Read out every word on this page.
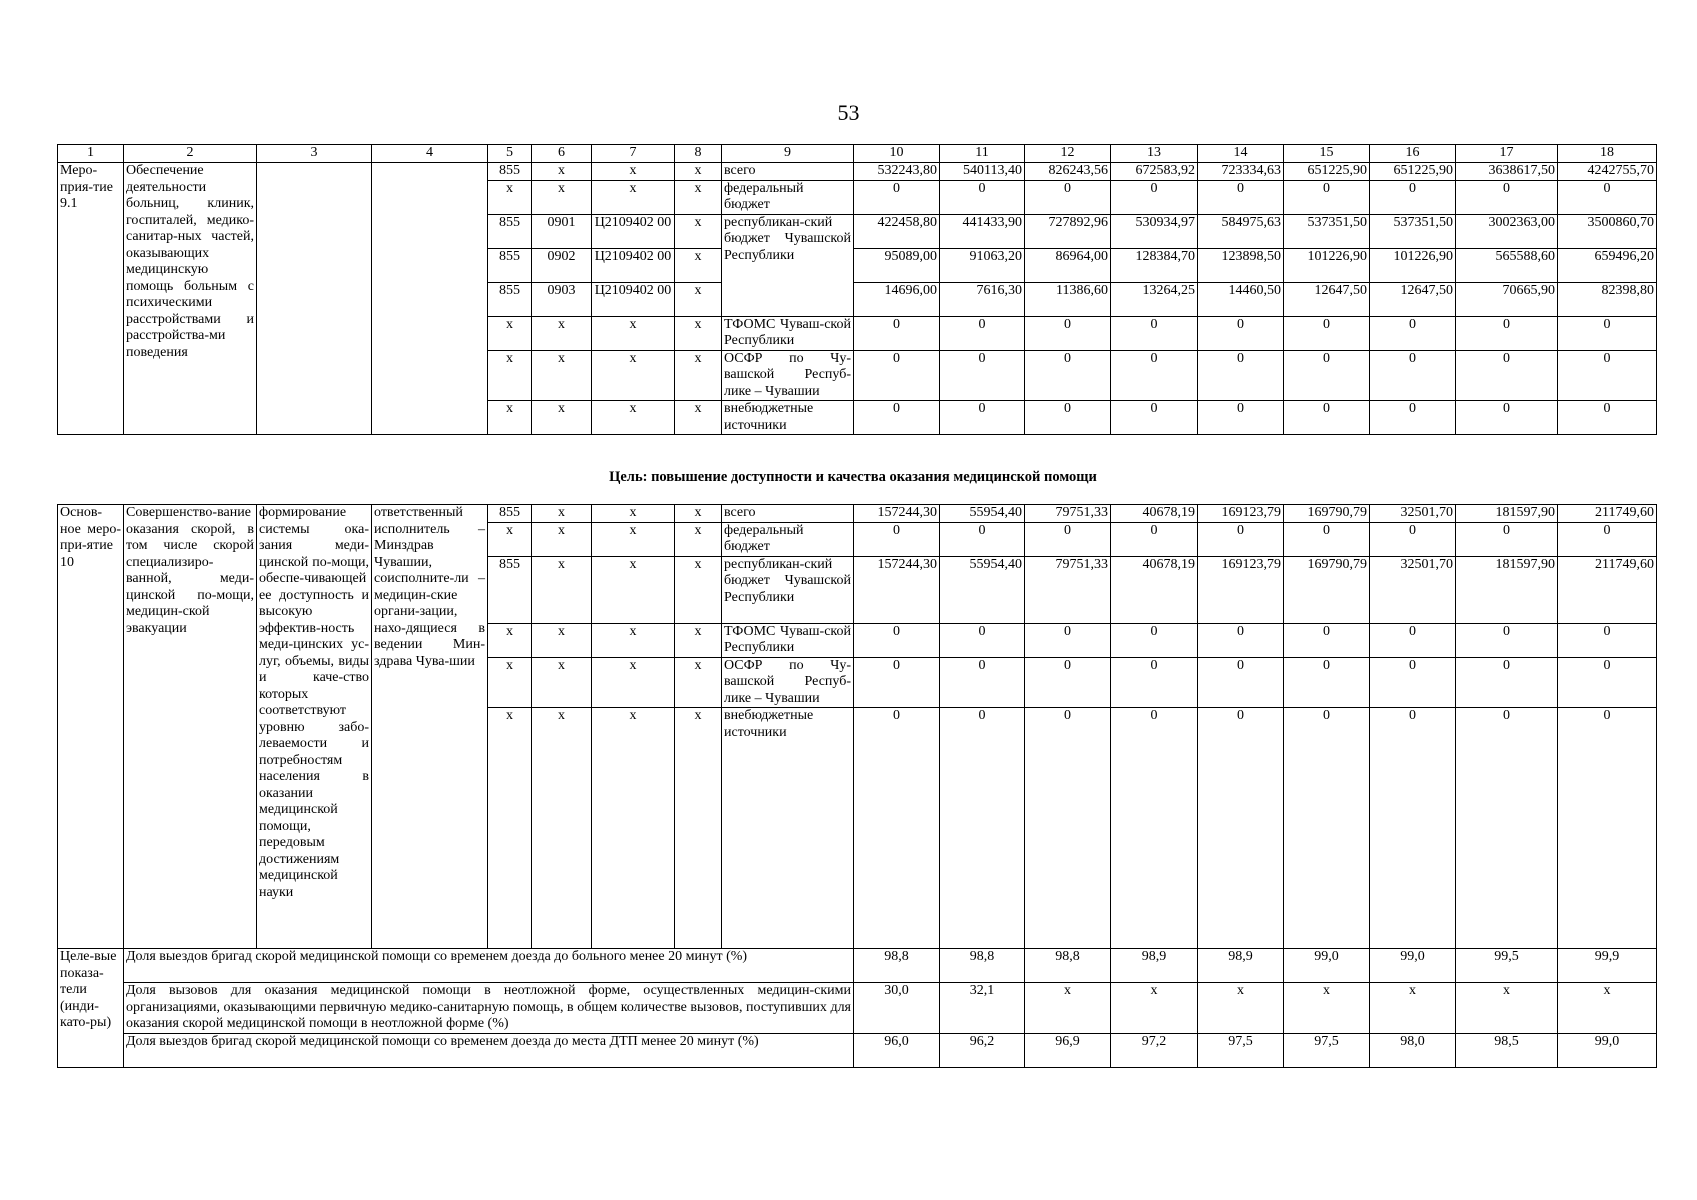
53
1	2	3	4	5	6	7	8	9	10	11	12	13	14	15	16	17	18
Меро-прия-тие 9.1	Обеспечение деятельности больниц, клиник, госпиталей, медико-санитар-ных частей, оказывающих медицинскую помощь больным с психическими расстройствами и расстройства-ми поведения			855	х	х	х	всего	532243,80	540113,40	826243,56	672583,92	723334,63	651225,90	651225,90	3638617,50	4242755,70
				х	х	х	х	федеральный бюджет	0	0	0	0	0	0	0	0	0
				855	0901	Ц2109402 00	х	республикан-ский бюджет Чувашской Республики	422458,80	441433,90	727892,96	530934,97	584975,63	537351,50	537351,50	3002363,00	3500860,70
				855	0902	Ц2109402 00	х		95089,00	91063,20	86964,00	128384,70	123898,50	101226,90	101226,90	565588,60	659496,20
				855	0903	Ц2109402 00	х		14696,00	7616,30	11386,60	13264,25	14460,50	12647,50	12647,50	70665,90	82398,80
				х	х	х	х	ТФОМС Чуваш-ской Республики	0	0	0	0	0	0	0	0	0
				х	х	х	х	ОСФР по Чу-вашской Респуб-лике – Чувашии	0	0	0	0	0	0	0	0	0
				х	х	х	х	внебюджетные источники	0	0	0	0	0	0	0	0	0
Цель: повышение доступности и качества оказания медицинской помощи
Основ-ное меро-при-ятие 10	Совершенство-вание оказания скорой, в том числе скорой специализиро-ванной, меди-цинской по-мощи, медицин-ской эвакуации	формирование системы ока-зания меди-цинской по-мощи, обеспе-чивающей ее доступность и высокую эффектив-ность меди-цинских ус-луг, объемы, виды и каче-ство которых соответствуют уровню забо-леваемости и потребностям населения в оказании медицинской помощи, передовым достижениям медицинской науки	ответственный исполнитель – Минздрав Чувашии, соисполните-ли – медицин-ские органи-зации, нахо-дящиеся в ведении Мин-здрава Чува-шии	855	х	х	х	всего	157244,30	55954,40	79751,33	40678,19	169123,79	169790,79	32501,70	181597,90	211749,60
				х	х	х	х	федеральный бюджет	0	0	0	0	0	0	0	0	0
				855	х	х	х	республикан-ский бюджет Чувашской Республики	157244,30	55954,40	79751,33	40678,19	169123,79	169790,79	32501,70	181597,90	211749,60
				х	х	х	х	ТФОМС Чуваш-ской Республики	0	0	0	0	0	0	0	0	0
				х	х	х	х	ОСФР по Чу-вашской Респуб-лике – Чувашии	0	0	0	0	0	0	0	0	0
				х	х	х	х	внебюджетные источники	0	0	0	0	0	0	0	0	0
Целе-вые показа-тели (инди-като-ры)	Доля выездов бригад скорой медицинской помощи со временем доезда до больного менее 20 минут (%)								98,8	98,8	98,8	98,9	98,9	99,0	99,0	99,5	99,9
	Доля вызовов для оказания медицинской помощи в неотложной форме, осуществленных медицин-скими организациями, оказывающими первичную медико-санитарную помощь, в общем количестве вызовов, поступивших для оказания скорой медицинской помощи в неотложной форме (%)								30,0	32,1	х	х	х	х	х	х	х
	Доля выездов бригад скорой медицинской помощи со временем доезда до места ДТП менее 20 минут (%)								96,0	96,2	96,9	97,2	97,5	97,5	98,0	98,5	99,0
